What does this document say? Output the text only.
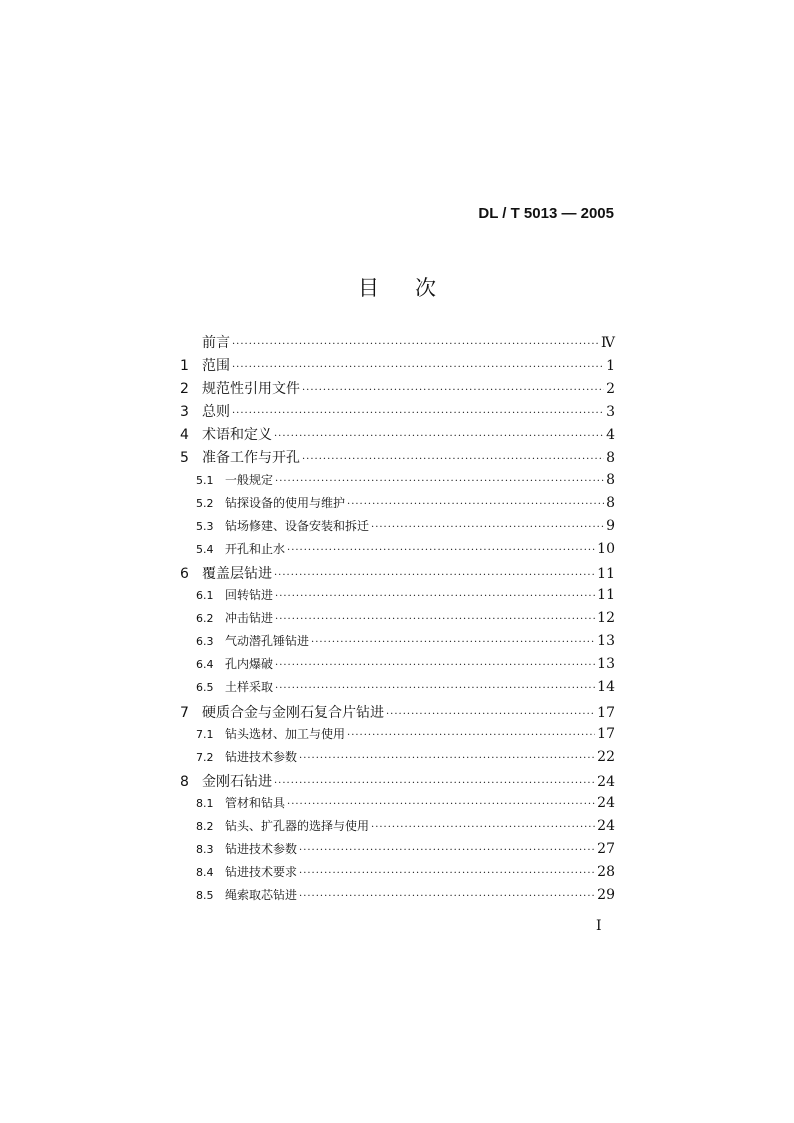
DL / T 5013 — 2005
目次
前言 ·····	Ⅳ
1 范围 ·····	1
2 规范性引用文件 ·····	2
3 总则 ·····	3
4 术语和定义 ·····	4
5 准备工作与开孔 ·····	8
5.1 一般规定 ·····	8
5.2 钻探设备的使用与维护 ·····	8
5.3 钻场修建、设备安装和拆迁 ·····	9
5.4 开孔和止水 ·····	10
6 覆盖层钻进 ·····	11
6.1 回转钻进 ·····	11
6.2 冲击钻进 ·····	12
6.3 气动潜孔锤钻进 ·····	13
6.4 孔内爆破 ·····	13
6.5 土样采取 ·····	14
7 硬质合金与金刚石复合片钻进 ·····	17
7.1 钻头选材、加工与使用 ·····	17
7.2 钻进技术参数 ·····	22
8 金刚石钻进 ·····	24
8.1 管材和钻具 ·····	24
8.2 钻头、扩孔器的选择与使用 ·····	24
8.3 钻进技术参数 ·····	27
8.4 钻进技术要求 ·····	28
8.5 绳索取芯钻进 ·····	29
I
